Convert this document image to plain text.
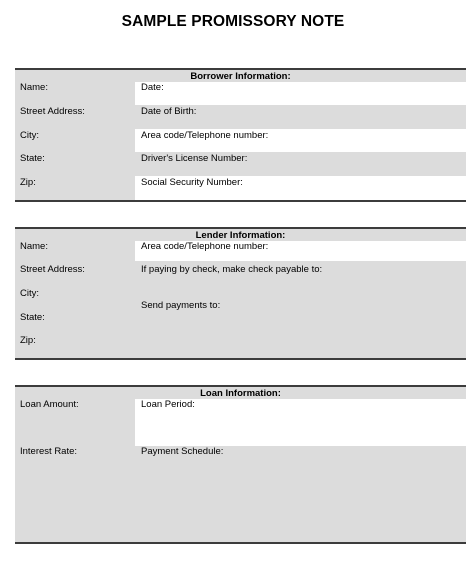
SAMPLE PROMISSORY NOTE
Borrower Information:
Name:
Street Address:
City:
State:
Zip:
Date:
Date of Birth:
Area code/Telephone number:
Driver's License Number:
Social Security Number:
Lender Information:
Name:
Street Address:
City:
State:
Zip:
Area code/Telephone number:
If paying by check, make check payable to:
Send payments to:
Loan Information:
Loan Amount:
Interest Rate:
Loan Period:
Payment Schedule:
